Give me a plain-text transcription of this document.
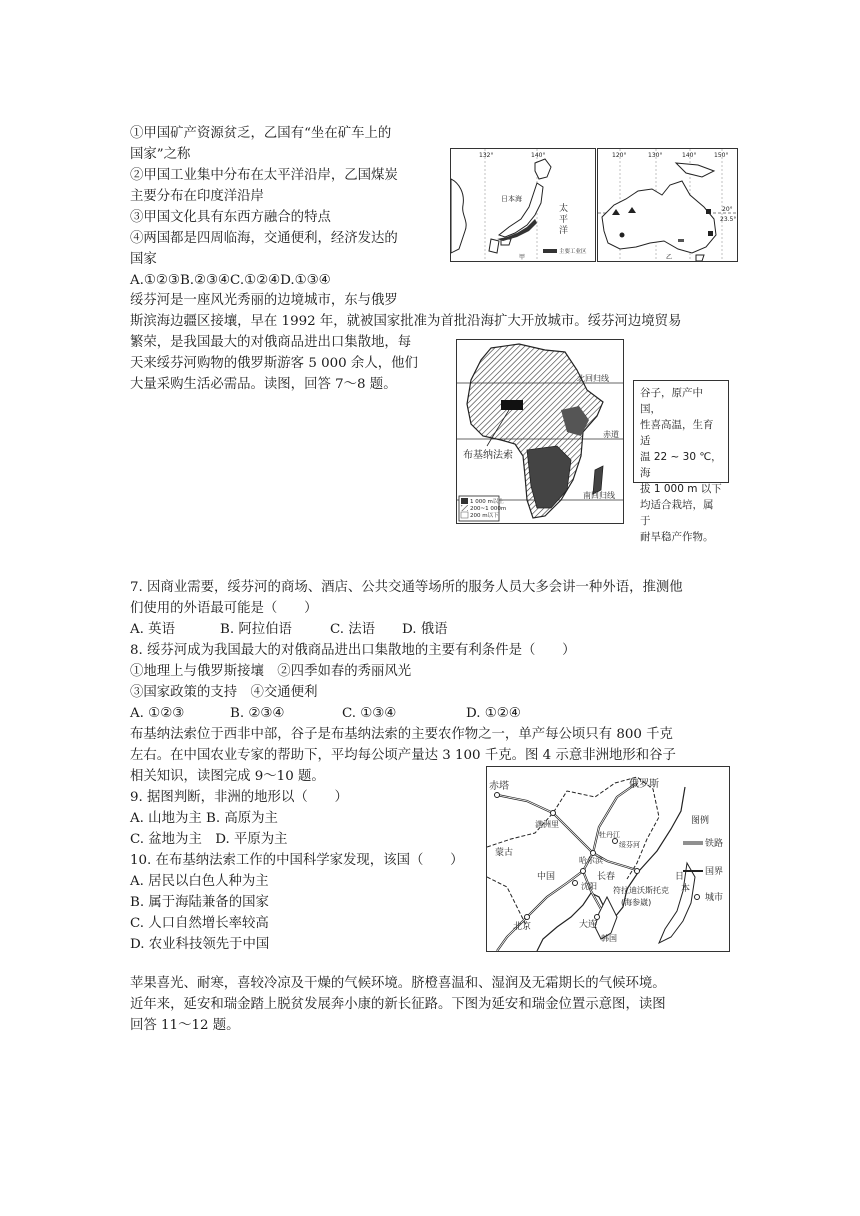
①甲国矿产资源贫乏，乙国有“坐在矿车上的
国家”之称
②甲国工业集中分布在太平洋沿岸，乙国煤炭
主要分布在印度洋沿岸
③甲国文化具有东西方融合的特点
④两国都是四周临海，交通便利，经济发达的
国家
A.①②③B.②③④C.①②④D.①③④
132°	140°
日本海
太
平
洋
主要工业区
甲
120°	130°	140°	150°
20°
23.5°
乙
绥芬河是一座风光秀丽的边境城市，东与俄罗
斯滨海边疆区接壤，早在 1992 年，就被国家批准为首批沿海扩大开放城市。绥芬河边境贸易
繁荣，是我国最大的对俄商品进出口集散地，每
天来绥芬河购物的俄罗斯游客 5 000 余人，他们
大量采购生活必需品。读图，回答 7～8 题。	北回归线
赤道
南回归线
布基纳法索
1 000 m以上
200~1 000m
200 m以下
谷子，原产中国，
性喜高温，生育适
温 22 ~ 30 ℃，海
拔 1 000 m 以下
均适合栽培，属于
耐旱稳产作物。
7. 因商业需要，绥芬河的商场、酒店、公共交通等场所的服务人员大多会讲一种外语，推测他
们使用的外语最可能是（　　）
A. 英语	B. 阿拉伯语	C. 法语 D. 俄语
8. 绥芬河成为我国最大的对俄商品进出口集散地的主要有利条件是（　　）
①地理上与俄罗斯接壤　②四季如春的秀丽风光
③国家政策的支持　④交通便利
A. ①②③	B. ②③④	C. ①③④	D. ①②④
布基纳法索位于西非中部，谷子是布基纳法索的主要农作物之一，单产每公顷只有 800 千克
左右。在中国农业专家的帮助下，平均每公顷产量达 3 100 千克。图 4 示意非洲地形和谷子
相关知识，读图完成 9～10 题。
9. 据图判断，非洲的地形以（　　）
A. 山地为主 B. 高原为主
C. 盆地为主　D. 平原为主
10. 在布基纳法索工作的中国科学家发现，该国（　　）
A. 居民以白色人种为主
B. 属于海陆兼备的国家
C. 人口自然增长率较高
D. 农业科技领先于中国
赤塔	俄罗斯
满洲里
蒙古
中国
哈尔滨
牡丹江
绥芬河
长春
沈阳 符拉迪沃斯托克
(海参崴)
北京	大连
韩国
日
本
图例
铁路
国界
城市
苹果喜光、耐寒，喜较冷凉及干燥的气候环境。脐橙喜温和、湿润及无霜期长的气候环境。
近年来，延安和瑞金踏上脱贫发展奔小康的新长征路。下图为延安和瑞金位置示意图，读图
回答 11～12 题。
